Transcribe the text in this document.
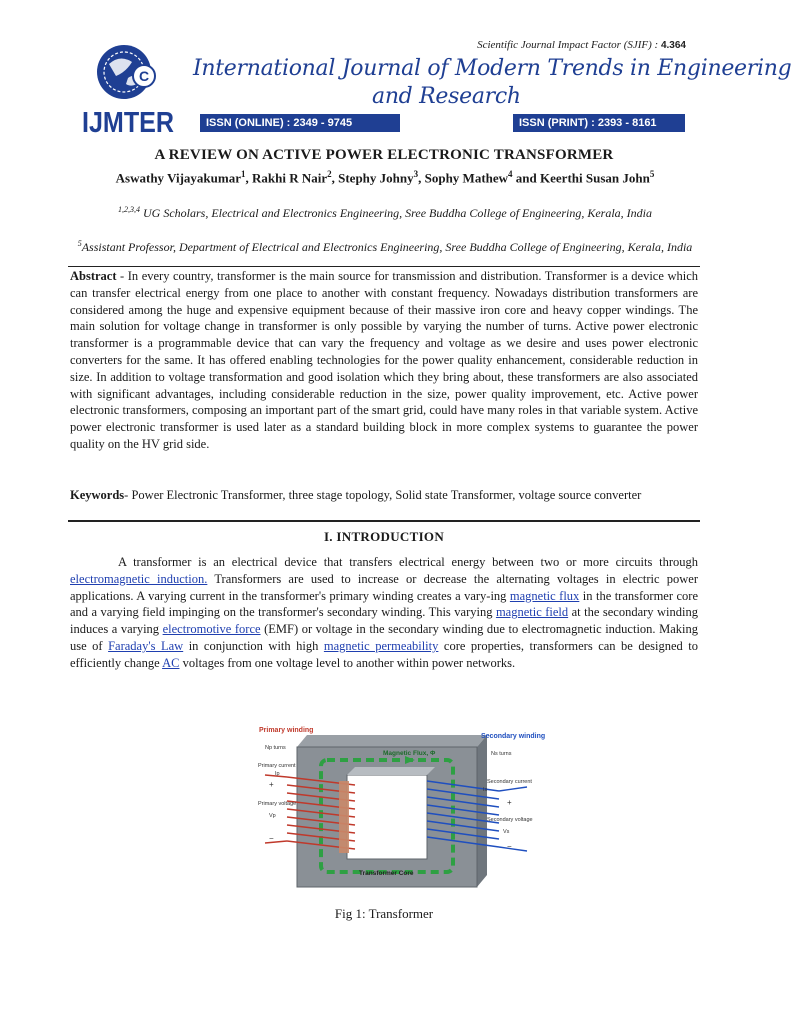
C
IJMTER
Scientific Journal Impact Factor (SJIF) : 4.364
International Journal of Modern Trends in Engineering
and Research
ISSN (ONLINE) : 2349 - 9745	ISSN (PRINT) : 2393 - 8161
A REVIEW ON ACTIVE POWER ELECTRONIC TRANSFORMER
Aswathy Vijayakumar$^1$, Rakhi R Nair$^2$, Stephy Johny$^3$, Sophy Mathew$^4$ and Keerthi Susan John$^5$
$^{1,2,3,4}$ UG Scholars, Electrical and Electronics Engineering, Sree Buddha College of Engineering, Kerala, India
$^5$Assistant Professor, Department of Electrical and Electronics Engineering, Sree Buddha College of Engineering, Kerala, India
Abstract - In every country, transformer is the main source for transmission and distribution. Transformer is a device which can transfer electrical energy from one place to another with constant frequency. Nowadays distribution transformers are considered among the huge and expensive equipment because of their massive iron core and heavy copper windings. The main solution for voltage change in transformer is only possible by varying the number of turns. Active power electronic transformer is a programmable device that can vary the frequency and voltage as we desire and uses power electronic converters for the same. It has offered enabling technologies for the power quality enhancement, considerable reduction in size. In addition to voltage transformation and good isolation which they bring about, these transformers are also associated with significant advantages, including considerable reduction in the size, power quality improvement, etc. Active power electronic transformers, composing an important part of the smart grid, could have many roles in that variable system. Active power electronic transformer is used later as a standard building block in more complex systems to guarantee the power quality on the HV grid side.
Keywords- Power Electronic Transformer, three stage topology, Solid state Transformer, voltage source converter
I. INTRODUCTION
A transformer is an electrical device that transfers electrical energy between two or more circuits through electromagnetic induction. Transformers are used to increase or decrease the alternating voltages in electric power applications. A varying current in the transformer's primary winding creates a vary-ing magnetic flux in the transformer core and a varying field impinging on the transformer's secondary winding. This varying magnetic field at the secondary winding induces a varying electromotive force (EMF) or voltage in the secondary winding due to electromagnetic induction. Making use of Faraday's Law in conjunction with high magnetic permeability core properties, transformers can be designed to efficiently change AC voltages from one voltage level to another within power networks.
Magnetic Flux, Φ
Primary winding
Np turns
Primary current
Ip
Primary voltage
Vp
+
−
Secondary winding
Ns turns
Secondary current
Is
Secondary voltage
Vs
+
−
Transformer Core
Fig 1: Transformer
